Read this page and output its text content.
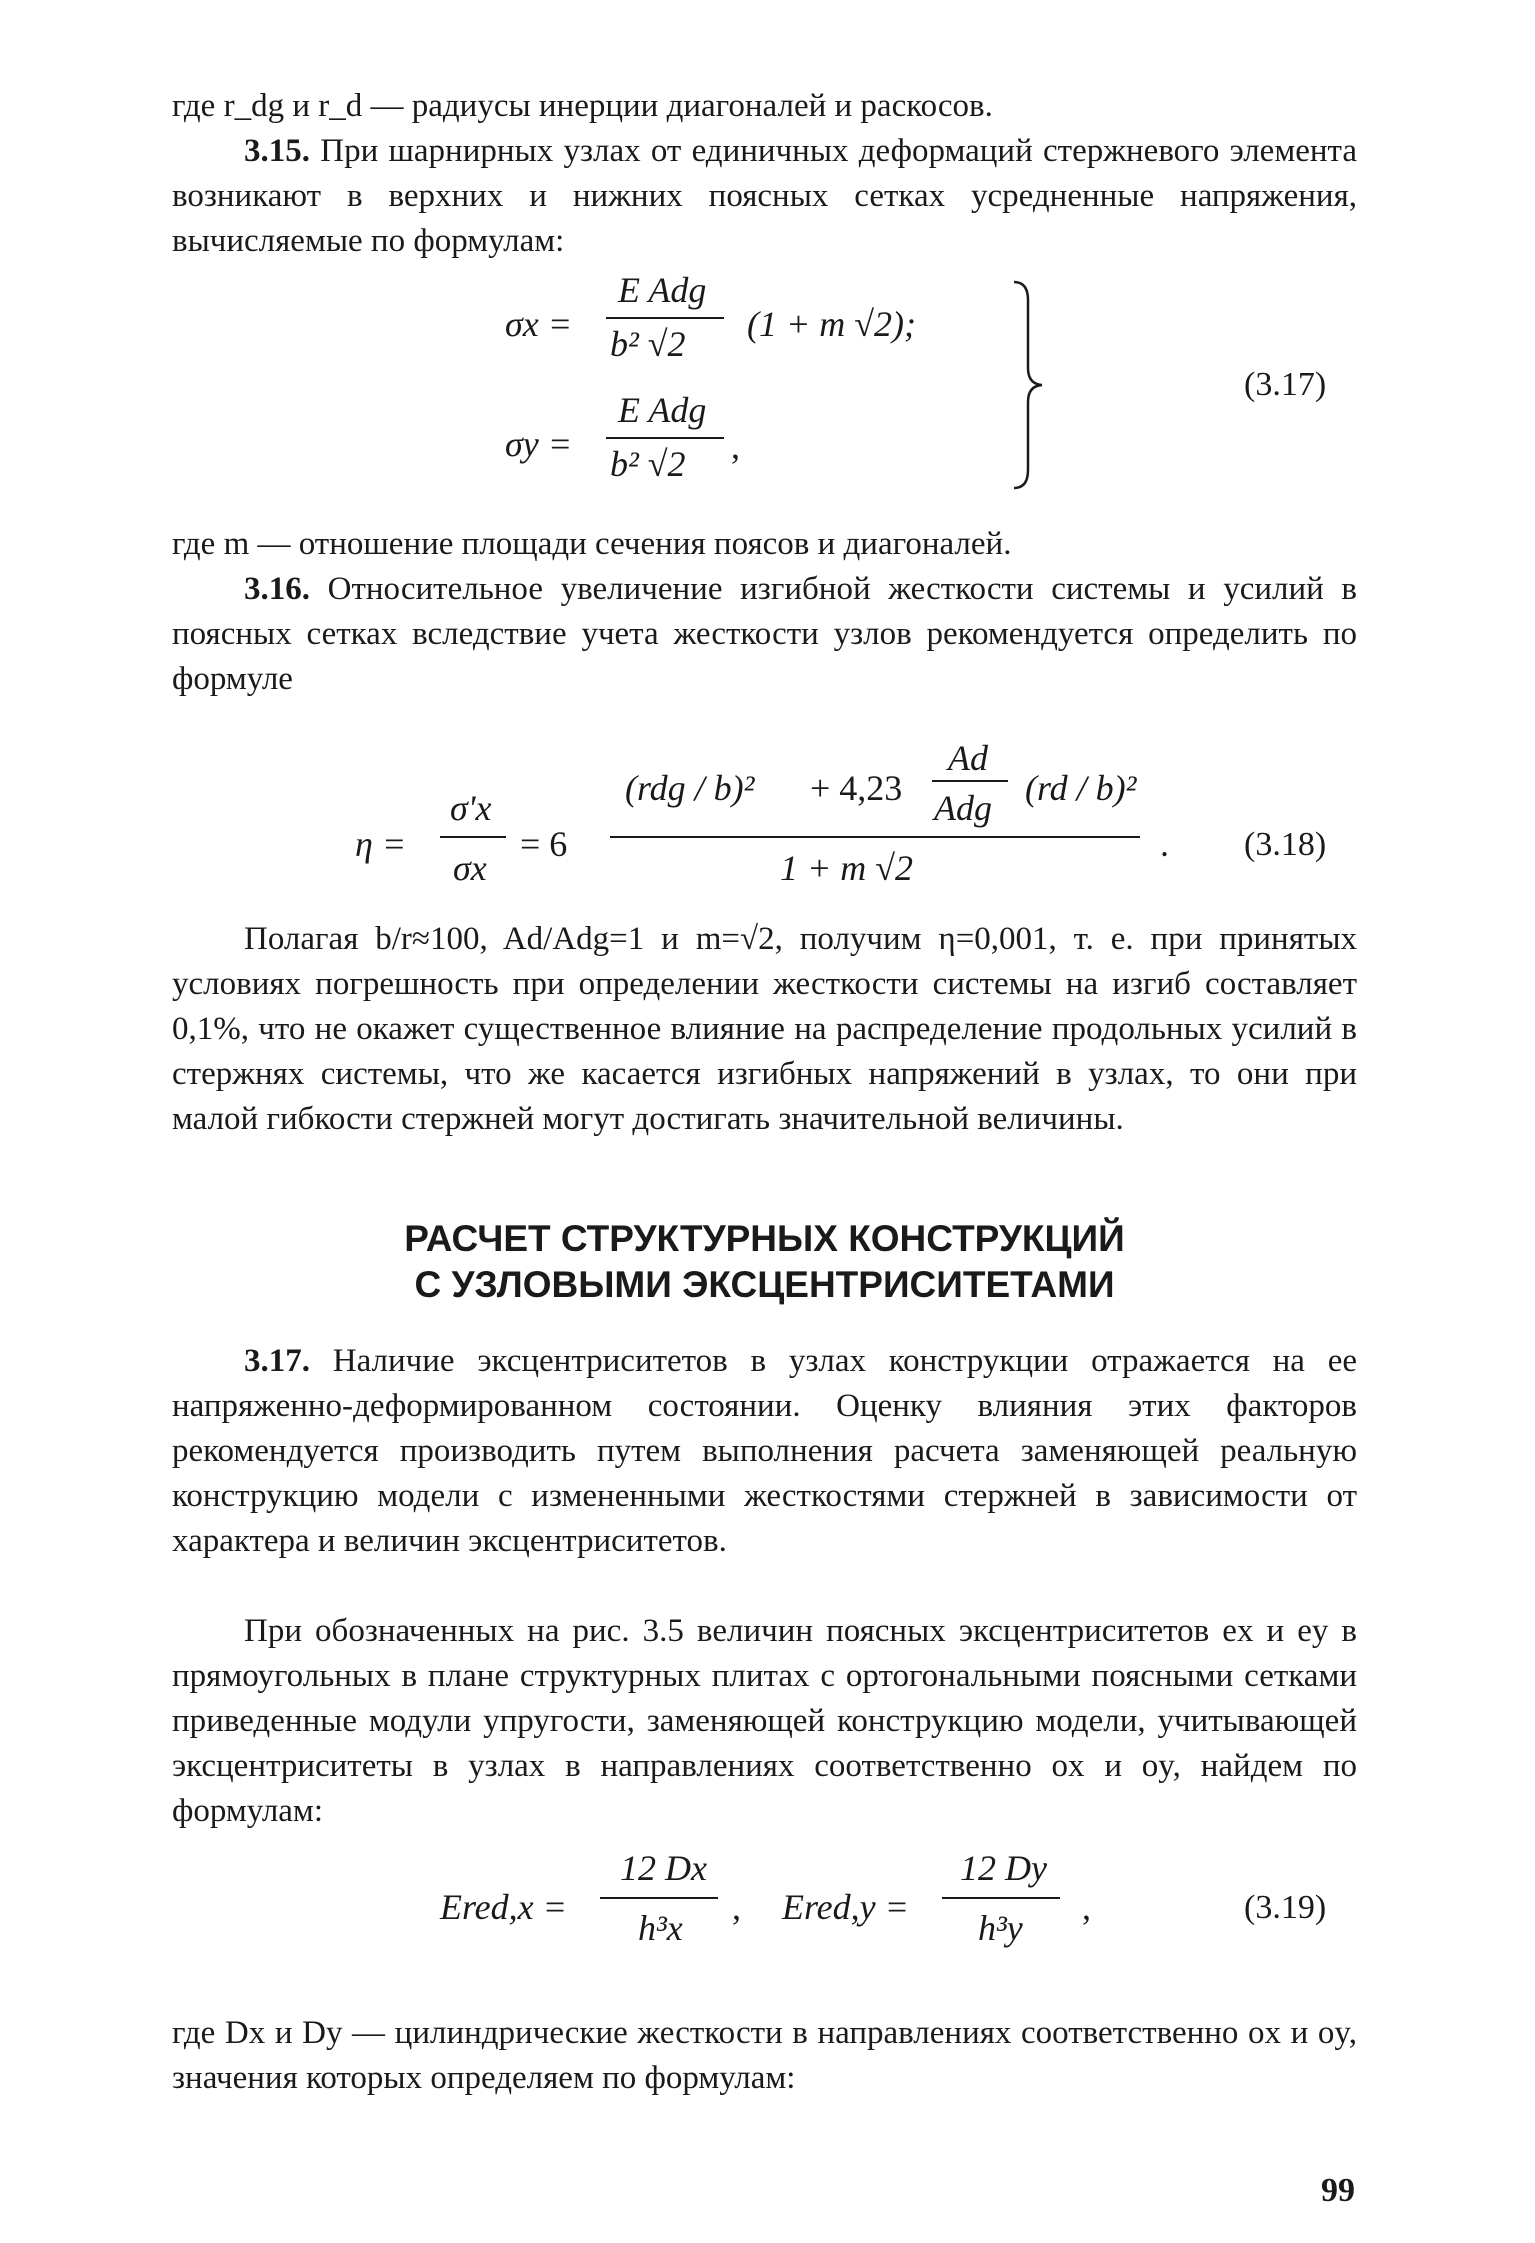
где r_dg и r_d — радиусы инерции диагоналей и раскосов.

3.15. При шарнирных узлах от единичных деформаций стержневого элемента возникают в верхних и нижних поясных сетках усредненные напряжения, вычисляемые по формулам:

σx =
E Adg
b² √2 (1 + m √2);
σy =
E Adg
b² √2 ,
(3.17)

где m — отношение площади сечения поясов и диагоналей.

3.16. Относительное увеличение изгибной жесткости системы и усилий в поясных сетках вследствие учета жесткости узлов рекомендуется определить по формуле

η =
σ'x
σx
= 6
(rdg / b)² + 4,23
Ad
Adg (rd / b)²
1 + m √2
. (3.18)

Полагая b/r≈100, Ad/Adg=1 и m=√2, получим η=0,001, т. е. при принятых условиях погрешность при определении жесткости системы на изгиб составляет 0,1%, что не окажет существенное влияние на распределение продольных усилий в стержнях системы, что же касается изгибных напряжений в узлах, то они при малой гибкости стержней могут достигать значительной величины.

РАСЧЕТ СТРУКТУРНЫХ КОНСТРУКЦИЙ
С УЗЛОВЫМИ ЭКСЦЕНТРИСИТЕТАМИ

3.17. Наличие эксцентриситетов в узлах конструкции отражается на ее напряженно-деформированном состоянии. Оценку влияния этих факторов рекомендуется производить путем выполнения расчета заменяющей реальную конструкцию модели с измененными жесткостями стержней в зависимости от характера и величин эксцентриситетов.

При обозначенных на рис. 3.5 величин поясных эксцентриситетов ex и ey в прямоугольных в плане структурных плитах с ортогональными поясными сетками приведенные модули упругости, заменяющей конструкцию модели, учитывающей эксцентриситеты в узлах в направлениях соответственно ox и oy, найдем по формулам:

Ered,x =
12 Dx
h³x
, Ered,y =
12 Dy
h³y
,	(3.19)

где Dx и Dy — цилиндрические жесткости в направлениях соответственно ox и oy, значения которых определяем по формулам:

99
